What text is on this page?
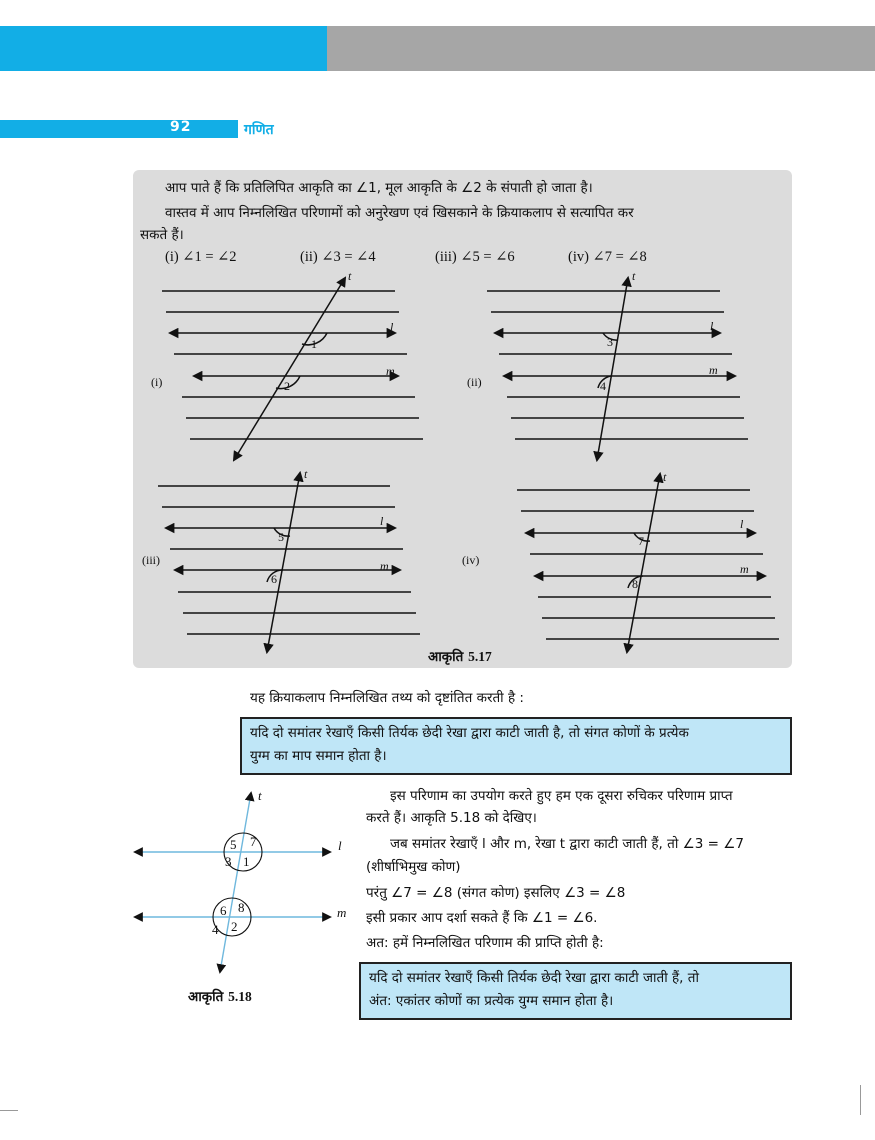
92	गणित
आप पाते हैं कि प्रतिलिपित आकृति का ∠1, मूल आकृति के ∠2 के संपाती हो जाता है।
वास्तव में आप निम्नलिखित परिणामों को अनुरेखण एवं खिसकाने के क्रियाकलाप से सत्यापित कर
सकते हैं।
(i) ∠1 = ∠2	(ii) ∠3 = ∠4	(iii) ∠5 = ∠6	(iv) ∠7 = ∠8
t
l
m
1
2
(i)
t
l
m
3
4
(ii)
t
l
m
5
6
(iii)
t
l
m
7
8
(iv)
5 7
3 1
6 8
4 2
t
l
m
आकृति 5.17
यह क्रियाकलाप निम्नलिखित तथ्य को दृष्टांतित करती है :
यदि दो समांतर रेखाएँ किसी तिर्यक छेदी रेखा द्वारा काटी जाती है, तो संगत कोणों के प्रत्येक
युग्म का माप समान होता है।
आकृति 5.18
इस परिणाम का उपयोग करते हुए हम एक दूसरा रुचिकर परिणाम प्राप्त
करते हैं। आकृति 5.18 को देखिए।
जब समांतर रेखाएँ l और m, रेखा t द्वारा काटी जाती हैं, तो ∠3 = ∠7
(शीर्षाभिमुख कोण)
परंतु ∠7 = ∠8 (संगत कोण) इसलिए ∠3 = ∠8
इसी प्रकार आप दर्शा सकते हैं कि ∠1 = ∠6.
अत: हमें निम्नलिखित परिणाम की प्राप्ति होती है:
यदि दो समांतर रेखाएँ किसी तिर्यक छेदी रेखा द्वारा काटी जाती हैं, तो
अंत: एकांतर कोणों का प्रत्येक युग्म समान होता है।
